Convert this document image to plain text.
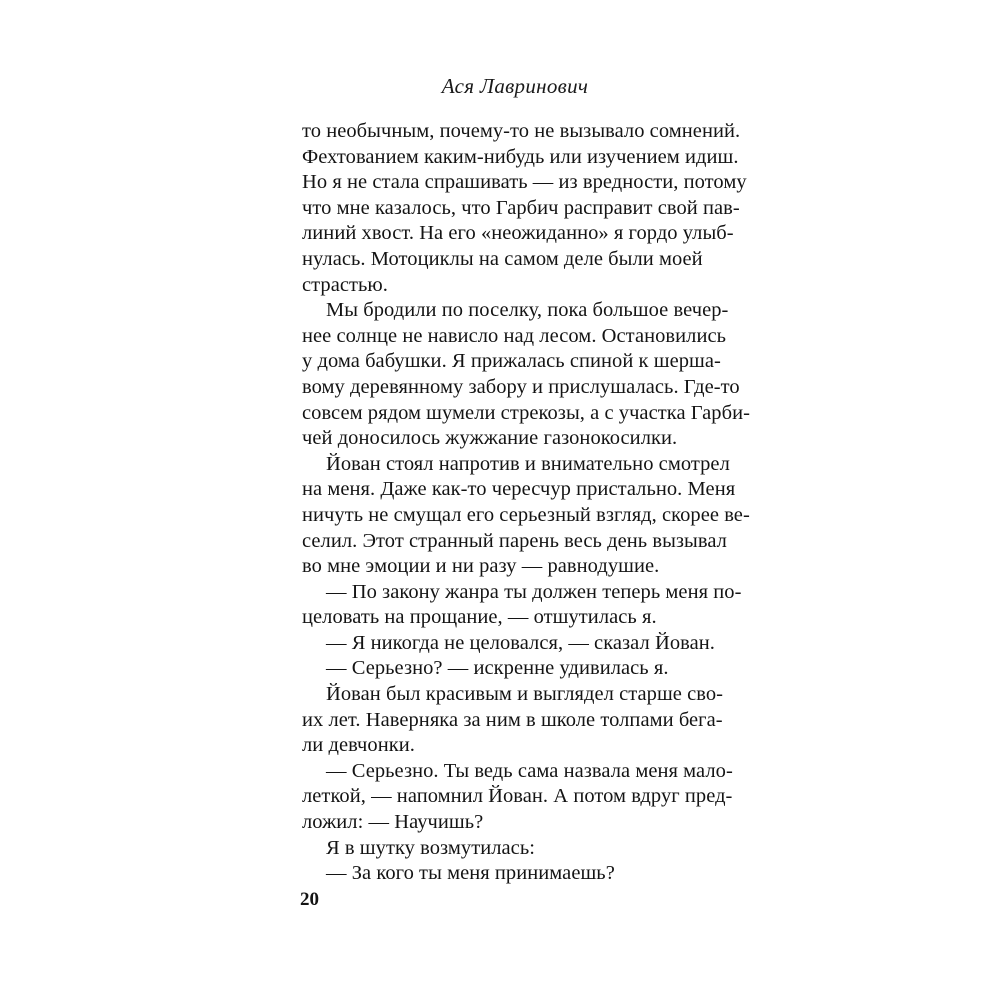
Ася Лавринович
то необычным, почему-то не вызывало сомнений.
Фехтованием каким-нибудь или изучением идиш.
Но я не стала спрашивать — из вредности, потому
что мне казалось, что Гарбич расправит свой пав-
линий хвост. На его «неожиданно» я гордо улыб-
нулась. Мотоциклы на самом деле были моей
страстью.
Мы бродили по поселку, пока большое вечер-
нее солнце не нависло над лесом. Остановились
у дома бабушки. Я прижалась спиной к шерша-
вому деревянному забору и прислушалась. Где-то
совсем рядом шумели стрекозы, а с участка Гарби-
чей доносилось жужжание газонокосилки.
Йован стоял напротив и внимательно смотрел
на меня. Даже как-то чересчур пристально. Меня
ничуть не смущал его серьезный взгляд, скорее ве-
селил. Этот странный парень весь день вызывал
во мне эмоции и ни разу — равнодушие.
— По закону жанра ты должен теперь меня по-
целовать на прощание, — отшутилась я.
— Я никогда не целовался, — сказал Йован.
— Серьезно? — искренне удивилась я.
Йован был красивым и выглядел старше сво-
их лет. Наверняка за ним в школе толпами бега-
ли девчонки.
— Серьезно. Ты ведь сама назвала меня мало-
леткой, — напомнил Йован. А потом вдруг пред-
ложил: — Научишь?
Я в шутку возмутилась:
— За кого ты меня принимаешь?
20
